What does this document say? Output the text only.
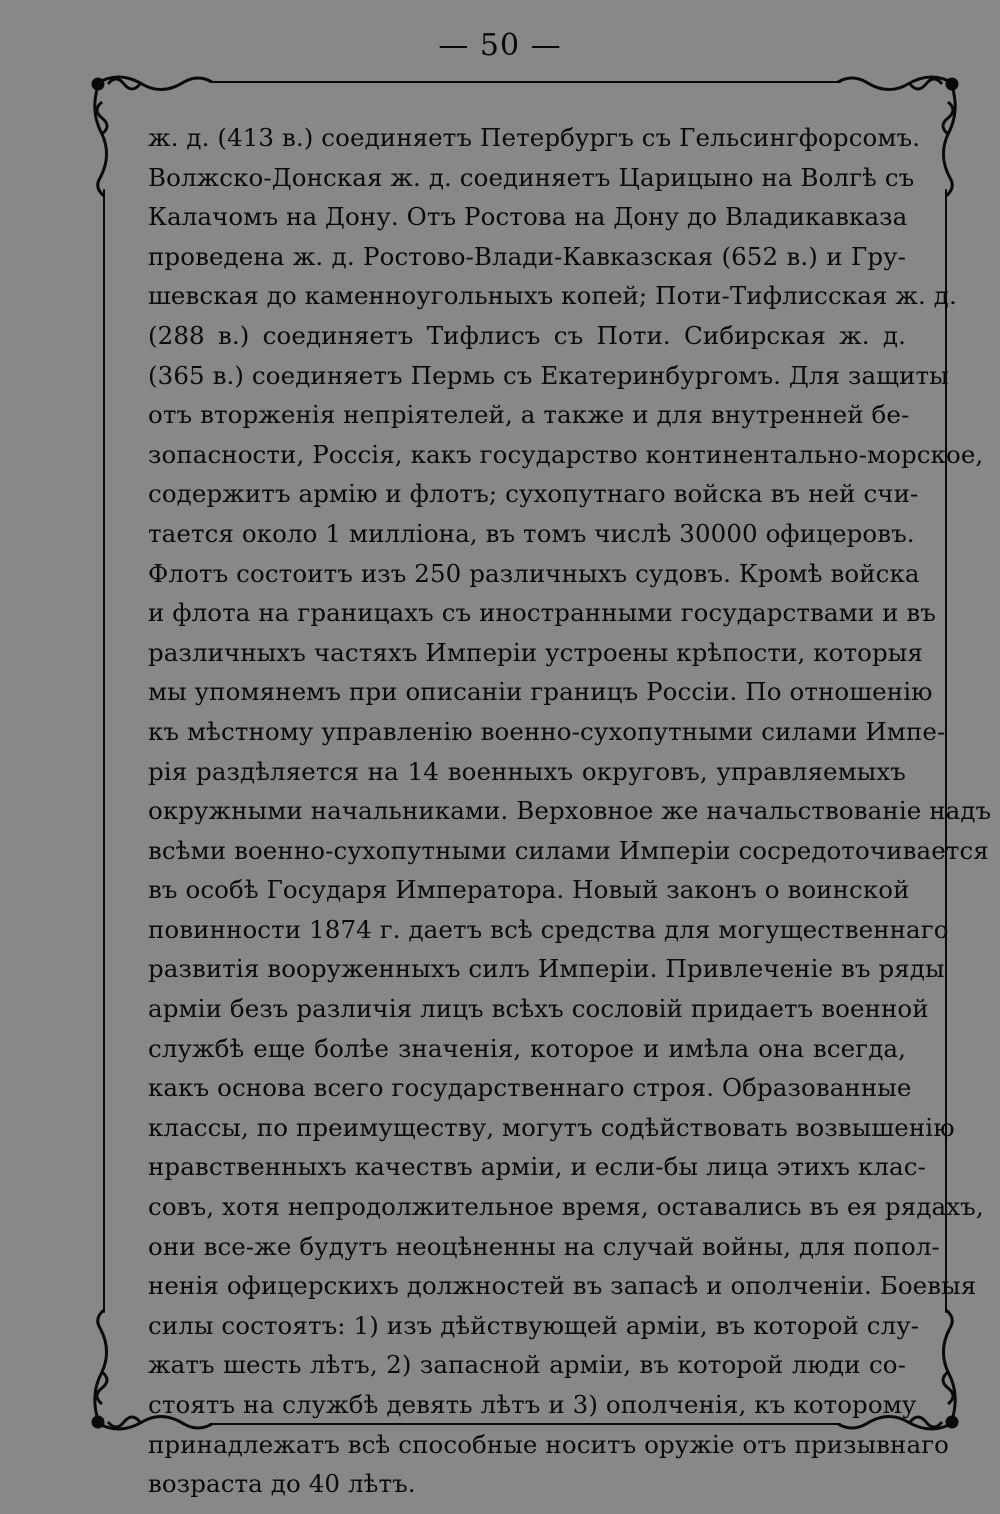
— 50 —
ж. д. (413 в.) соединяетъ Петербургъ съ Гельсингфорсомъ.
Волжско-Донская ж. д. соединяетъ Царицыно на Волгѣ съ
Калачомъ на Дону. Отъ Ростова на Дону до Владикавказа
проведена ж. д. Ростово-Влади-Кавказская (652 в.) и Гру-
шевская до каменноугольныхъ копей; Поти-Тифлисская ж. д.
(288 в.) соединяетъ Тифлисъ съ Поти. Сибирская ж. д.
(365 в.) соединяетъ Пермь съ Екатеринбургомъ. Для защиты
отъ вторженія непріятелей, а также и для внутренней бе-
зопасности, Россія, какъ государство континентально-морское,
содержитъ армію и флотъ; сухопутнаго войска въ ней счи-
тается около 1 милліона, въ томъ числѣ 30000 офицеровъ.
Флотъ состоитъ изъ 250 различныхъ судовъ. Кромѣ войска
и флота на границахъ съ иностранными государствами и въ
различныхъ частяхъ Имперіи устроены крѣпости, которыя
мы упомянемъ при описаніи границъ Россіи. По отношенію
къ мѣстному управленію военно-сухопутными силами Импе-
рія раздѣляется на 14 военныхъ округовъ, управляемыхъ
окружными начальниками. Верховное же начальствованіе надъ
всѣми военно-сухопутными силами Имперіи сосредоточивается
въ особѣ Государя Императора. Новый законъ о воинской
повинности 1874 г. даетъ всѣ средства для могущественнаго
развитія вооруженныхъ силъ Имперіи. Привлеченіе въ ряды
арміи безъ различія лицъ всѣхъ сословій придаетъ военной
службѣ еще болѣе значенія, которое и имѣла она всегда,
какъ основа всего государственнаго строя. Образованные
классы, по преимуществу, могутъ содѣйствовать возвышенію
нравственныхъ качествъ арміи, и если-бы лица этихъ клас-
совъ, хотя непродолжительное время, оставались въ ея рядахъ,
они все-же будутъ неоцѣненны на случай войны, для попол-
ненія офицерскихъ должностей въ запасѣ и ополченіи. Боевыя
силы состоятъ: 1) изъ дѣйствующей арміи, въ которой слу-
жатъ шесть лѣтъ, 2) запасной арміи, въ которой люди со-
стоятъ на службѣ девять лѣтъ и 3) ополченія, къ которому
принадлежатъ всѣ способные носитъ оружіе отъ призывнаго
возраста до 40 лѣтъ.
